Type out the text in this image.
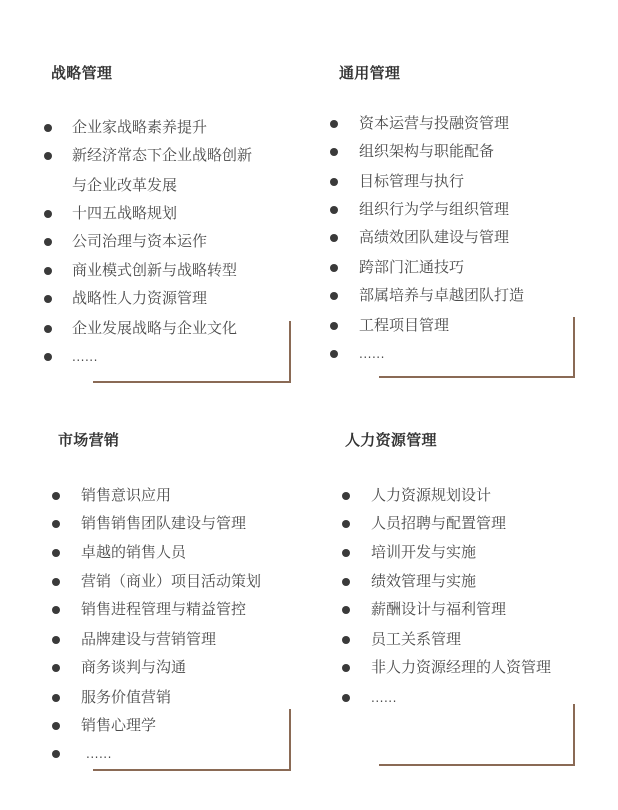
战略管理
企业家战略素养提升
新经济常态下企业战略创新
与企业改革发展
十四五战略规划
公司治理与资本运作
商业模式创新与战略转型
战略性人力资源管理
企业发展战略与企业文化
......
通用管理
资本运营与投融资管理
组织架构与职能配备
目标管理与执行
组织行为学与组织管理
高绩效团队建设与管理
跨部门汇通技巧
部属培养与卓越团队打造
工程项目管理
......
市场营销
销售意识应用
销售销售团队建设与管理
卓越的销售人员
营销（商业）项目活动策划
销售进程管理与精益管控
品牌建设与营销管理
商务谈判与沟通
服务价值营销
销售心理学
......
人力资源管理
人力资源规划设计
人员招聘与配置管理
培训开发与实施
绩效管理与实施
薪酬设计与福利管理
员工关系管理
非人力资源经理的人资管理
......
